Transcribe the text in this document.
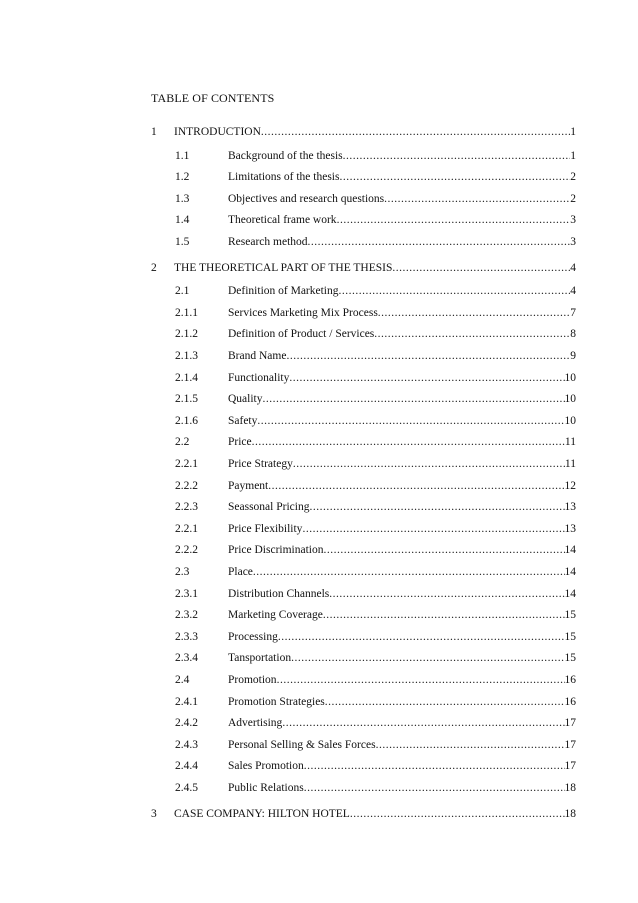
TABLE OF CONTENTS
1	INTRODUCTION .....	1
1.1	Background of the thesis .....	1
1.2	Limitations of the thesis .....	2
1.3	Objectives and research questions .....	2
1.4	Theoretical frame work .....	3
1.5	Research method .....	3
2	THE THEORETICAL PART OF THE THESIS .....	4
2.1	Definition of Marketing .....	4
2.1.1	Services Marketing Mix Process .....	7
2.1.2	Definition of Product / Services .....	8
2.1.3	Brand Name .....	9
2.1.4	Functionality .....	10
2.1.5	Quality .....	10
2.1.6	Safety .....	10
2.2	Price .....	11
2.2.1	Price Strategy .....	11
2.2.2	Payment .....	12
2.2.3	Seassonal Pricing .....	13
2.2.1	Price Flexibility .....	13
2.2.2	Price Discrimination .....	14
2.3	Place .....	14
2.3.1	Distribution Channels .....	14
2.3.2	Marketing Coverage .....	15
2.3.3	Processing .....	15
2.3.4	Tansportation .....	15
2.4	Promotion .....	16
2.4.1	Promotion Strategies .....	16
2.4.2	Advertising .....	17
2.4.3	Personal Selling & Sales Forces .....	17
2.4.4	Sales Promotion .....	17
2.4.5	Public Relations .....	18
3	CASE COMPANY: HILTON HOTEL .....	18
